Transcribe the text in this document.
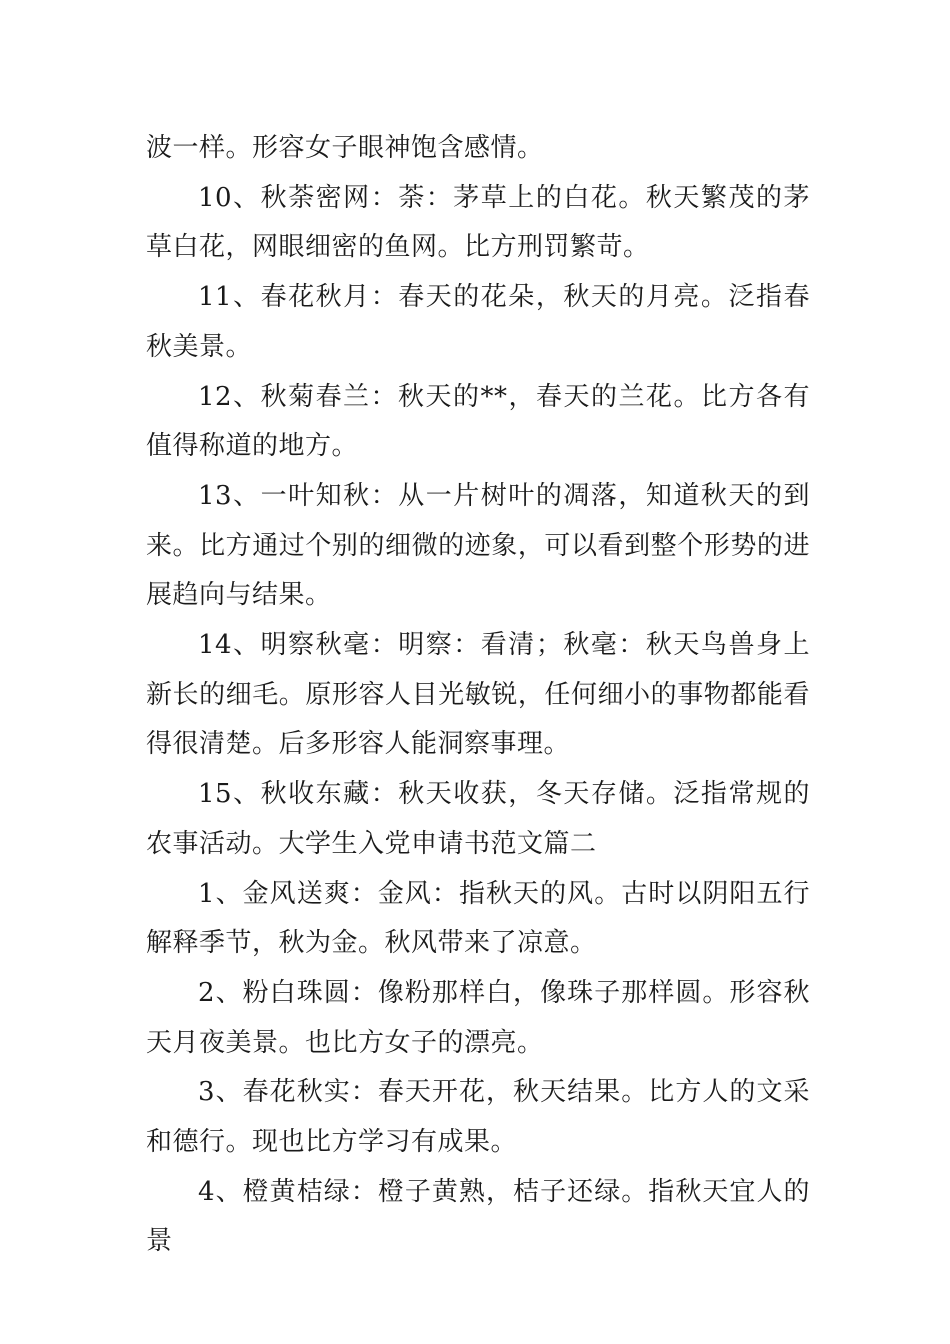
波一样。形容女子眼神饱含感情。

10、秋荼密网：荼：茅草上的白花。秋天繁茂的茅草白花，网眼细密的鱼网。比方刑罚繁苛。

11、春花秋月：春天的花朵，秋天的月亮。泛指春秋美景。

12、秋菊春兰：秋天的**，春天的兰花。比方各有值得称道的地方。

13、一叶知秋：从一片树叶的凋落，知道秋天的到来。比方通过个别的细微的迹象，可以看到整个形势的进展趋向与结果。

14、明察秋毫：明察：看清；秋毫：秋天鸟兽身上新长的细毛。原形容人目光敏锐，任何细小的事物都能看得很清楚。后多形容人能洞察事理。

15、秋收东藏：秋天收获，冬天存储。泛指常规的农事活动。大学生入党申请书范文篇二

1、金风送爽：金风：指秋天的风。古时以阴阳五行解释季节，秋为金。秋风带来了凉意。

2、粉白珠圆：像粉那样白，像珠子那样圆。形容秋天月夜美景。也比方女子的漂亮。

3、春花秋实：春天开花，秋天结果。比方人的文采和德行。现也比方学习有成果。

4、橙黄桔绿：橙子黄熟，桔子还绿。指秋天宜人的景
